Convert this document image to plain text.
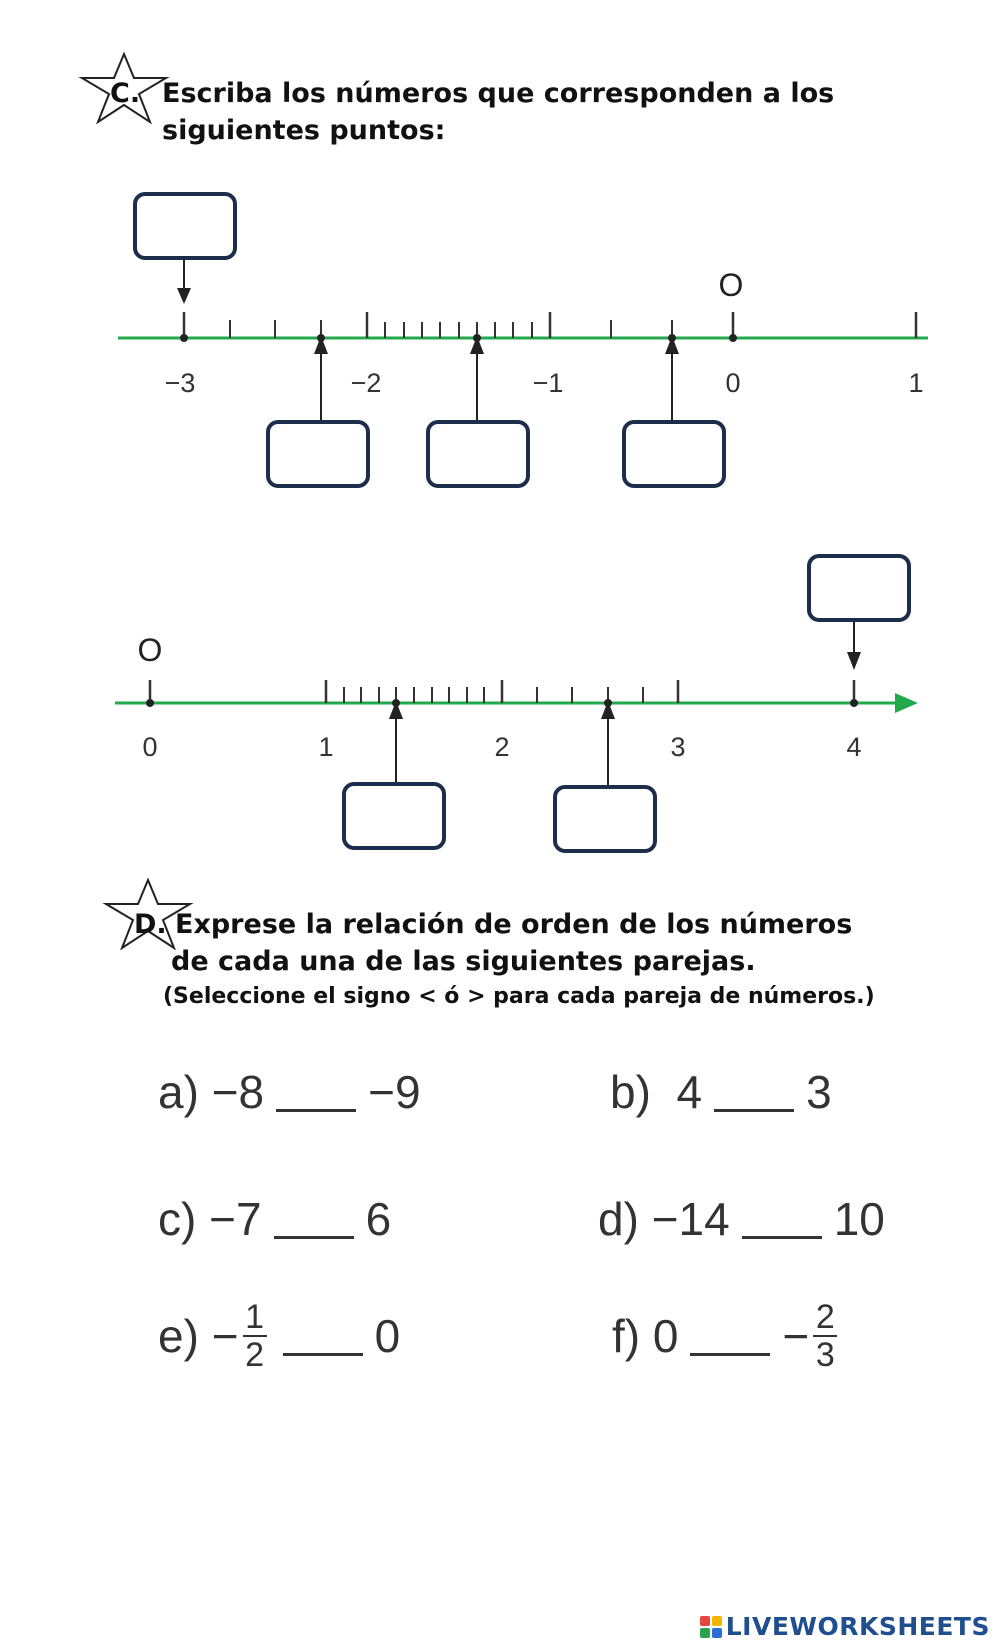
C. Escriba los números que corresponden a los
siguientes puntos:
O
−3	−2	−1	0	1
O
0	1	2	3	4
D. Exprese la relación de orden de los números
de cada una de las siguientes parejas.
(Seleccione el signo < ó > para cada pareja de números.)
a)
−8 −9	b)
4 3
c)
−7 6	d)
−14 10
e)
− $\frac{1}{2} 0$	f)
$0 - \frac{2}{3}$
LIVEWORKSHEETS
